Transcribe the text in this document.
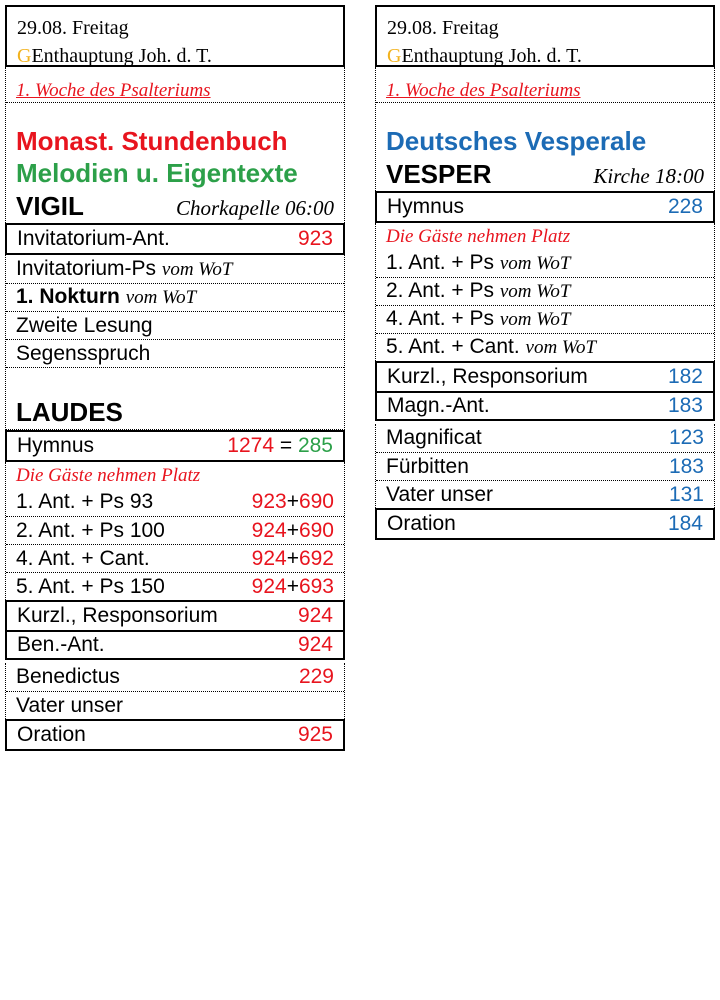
29.08. Freitag
GEnthauptung Joh. d. T.
1. Woche des Psalteriums
Monast. Stundenbuch
Melodien u. Eigentexte
VIGIL	Chorkapelle 06:00
Invitatorium-Ant.	923
Invitatorium-Ps vom WoT
1. Nokturn vom WoT
Zweite Lesung
Segensspruch
LAUDES
Hymnus	1274 = 285
Die Gäste nehmen Platz
1. Ant. + Ps 93	923+690
2. Ant. + Ps 100	924+690
4. Ant. + Cant.	924+692
5. Ant. + Ps 150	924+693
Kurzl., Responsorium	924
Ben.-Ant.	924
Benedictus	229
Vater unser
Oration	925
29.08. Freitag
GEnthauptung Joh. d. T.
1. Woche des Psalteriums
Deutsches Vesperale
VESPER	Kirche 18:00
Hymnus	228
Die Gäste nehmen Platz
1. Ant. + Ps vom WoT
2. Ant. + Ps vom WoT
4. Ant. + Ps vom WoT
5. Ant. + Cant. vom WoT
Kurzl., Responsorium	182
Magn.-Ant.	183
Magnificat	123
Fürbitten	183
Vater unser	131
Oration	184
